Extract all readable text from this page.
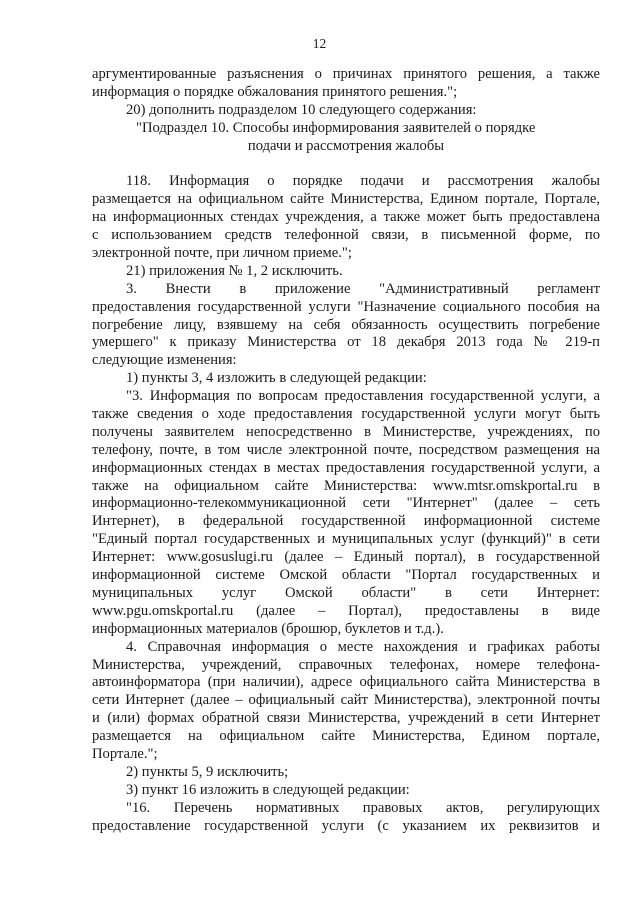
12
аргументированные разъяснения о причинах принятого решения, а также
информация о порядке обжалования принятого решения.";
20) дополнить подразделом 10 следующего содержания:
"Подраздел 10. Способы информирования заявителей о порядке
подачи и рассмотрения жалобы
118. Информация о порядке подачи и рассмотрения жалобы
размещается на официальном сайте Министерства, Едином портале, Портале,
на информационных стендах учреждения, а также может быть предоставлена
с использованием средств телефонной связи, в письменной форме, по
электронной почте, при личном приеме.";
21) приложения № 1, 2 исключить.
3. Внести в приложение "Административный регламент
предоставления государственной услуги "Назначение социального пособия на
погребение лицу, взявшему на себя обязанность осуществить погребение
умершего" к приказу Министерства от 18 декабря 2013 года № 219-п
следующие изменения:
1) пункты 3, 4 изложить в следующей редакции:
"3. Информация по вопросам предоставления государственной услуги, а
также сведения о ходе предоставления государственной услуги могут быть
получены заявителем непосредственно в Министерстве, учреждениях, по
телефону, почте, в том числе электронной почте, посредством размещения на
информационных стендах в местах предоставления государственной услуги, а
также на официальном сайте Министерства: www.mtsr.omskportal.ru в
информационно-телекоммуникационной сети "Интернет" (далее – сеть
Интернет), в федеральной государственной информационной системе
"Единый портал государственных и муниципальных услуг (функций)" в сети
Интернет: www.gosuslugi.ru (далее – Единый портал), в государственной
информационной системе Омской области "Портал государственных и
муниципальных услуг Омской области" в сети Интернет:
www.pgu.omskportal.ru (далее – Портал), предоставлены в виде
информационных материалов (брошюр, буклетов и т.д.).
4. Справочная информация о месте нахождения и графиках работы
Министерства, учреждений, справочных телефонах, номере телефона-
автоинформатора (при наличии), адресе официального сайта Министерства в
сети Интернет (далее – официальный сайт Министерства), электронной почты
и (или) формах обратной связи Министерства, учреждений в сети Интернет
размещается на официальном сайте Министерства, Едином портале,
Портале.";
2) пункты 5, 9 исключить;
3) пункт 16 изложить в следующей редакции:
"16. Перечень нормативных правовых актов, регулирующих
предоставление государственной услуги (с указанием их реквизитов и
